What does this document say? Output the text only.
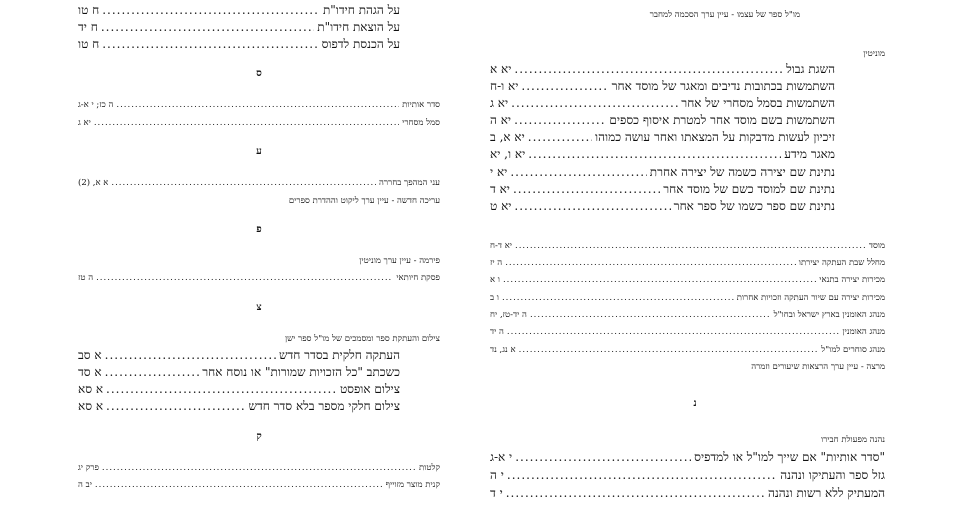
מו"ל ספר של עצמו - עיין ערך הסכמה למחבר
מוניטין
השגת גבול
.....
יא א
השתמשות בכתובות נדיבים ומאגר של מוסד אחר
.....
יא ו-ח
השתמשות בסמל מסחרי של אחר
.....
יא ג
השתמשות בשם מוסד אחר למטרת איסוף כספים
.....
יא ה
זיכיון לעשות מדבקות על המצאתו ואחר עושה כמוהו
.....
יא א, ב
מאגר מידע
.....
יא ו, יא
נתינת שם יצירה כשמה של יצירה אחרת
.....
יא י
נתינת שם למוסד כשם של מוסד אחר
.....
יא ד
נתינת שם ספר כשמו של ספר אחר
.....
יא ט
מוסד
.....
יא ד-ח
מחלל שבת העתקה יצירתו
.....
ה יז
מכירות יצירה בתנאי
.....
ו א
מכירות יצירה עם שיור העתקה וזכויות אחרות
.....
ו ב
מנהג האומנין בארץ ישראל ובחו"ל
.....
ה יד-טז, יח
מנהג האומנין
.....
ה יד
מנהג סוחרים למו"ל
.....
א נג, נד
מרצה - עיין ערך הרצאות שיעורים וזמרה
נ
נהנה מפעולת חבירו
"סדר אותיות" אם שייך למו"ל או למדפיס
.....
י א-ג
גזל ספר והעתיקו ונהנה
.....
י ה
המעתיק ללא רשות ונהנה
.....
י ד
על הגהת חידו"ת
.....
ח טו
על הוצאת חידו"ת
.....
ח יד
על הכנסת לדפוס
.....
ח טו
ס
סדר אותיות
.....
ה כז; י א-ג
סמל מסחרי
.....
יא ג
ע
עני המהפך בחררה
.....
א א, (2)
עריכה חדשה - עיין ערך ליקוט וההדרת ספרים
פ
פירמה - עיין ערך מוניטין
פסקת חיותאי
.....
ה טז
צ
צילום והעתקת ספר ומסמכים של מו"ל ספר ישן
העתקה חלקית בסדר חדש
.....
א סב
כשכתב "כל הזכויות שמורות" או נוסח אחר
.....
א סד
צילום אופסט
.....
א סא
צילום חלקי מספר בלא סדר חדש
.....
א סא
ק
קלטות
.....
פרק יג
קנית מוצר מזוייף
.....
יב ה
